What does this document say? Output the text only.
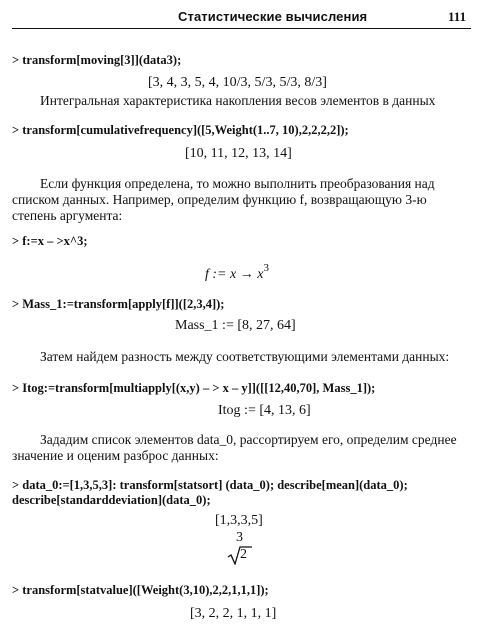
Статистические вычисления	111
> transform[moving[3]](data3);
[3, 4, 3, 5, 4, 10/3, 5/3, 5/3, 8/3]
Интегральная характеристика накопления весов элементов в данных
> transform[cumulativefrequency]([5,Weight(1..7, 10),2,2,2,2]);
[10, 11, 12, 13, 14]
Если функция определена, то можно выполнить преобразования над списком данных. Например, определим функцию f, возвращающую 3-ю степень аргумента:
> f:=x – >x^3;
f := $x \to x^3$
> Mass_1:=transform[apply[f]]([2,3,4]);
Mass_1 := [8, 27, 64]
Затем найдем разность между соответствующими элементами данных:
> Itog:=transform[multiapply[(x,y) – > x – y]]([[12,40,70], Mass_1]);
Itog := [4, 13, 6]
Зададим список элементов data_0, рассортируем его, определим среднее значение и оценим разброс данных:
> data_0:=[1,3,5,3]: transform[statsort] (data_0); describe[mean](data_0);
describe[standarddeviation](data_0);
[1,3,3,5]
3
2
> transform[statvalue]([Weight(3,10),2,2,1,1,1]);
[3, 2, 2, 1, 1, 1]
